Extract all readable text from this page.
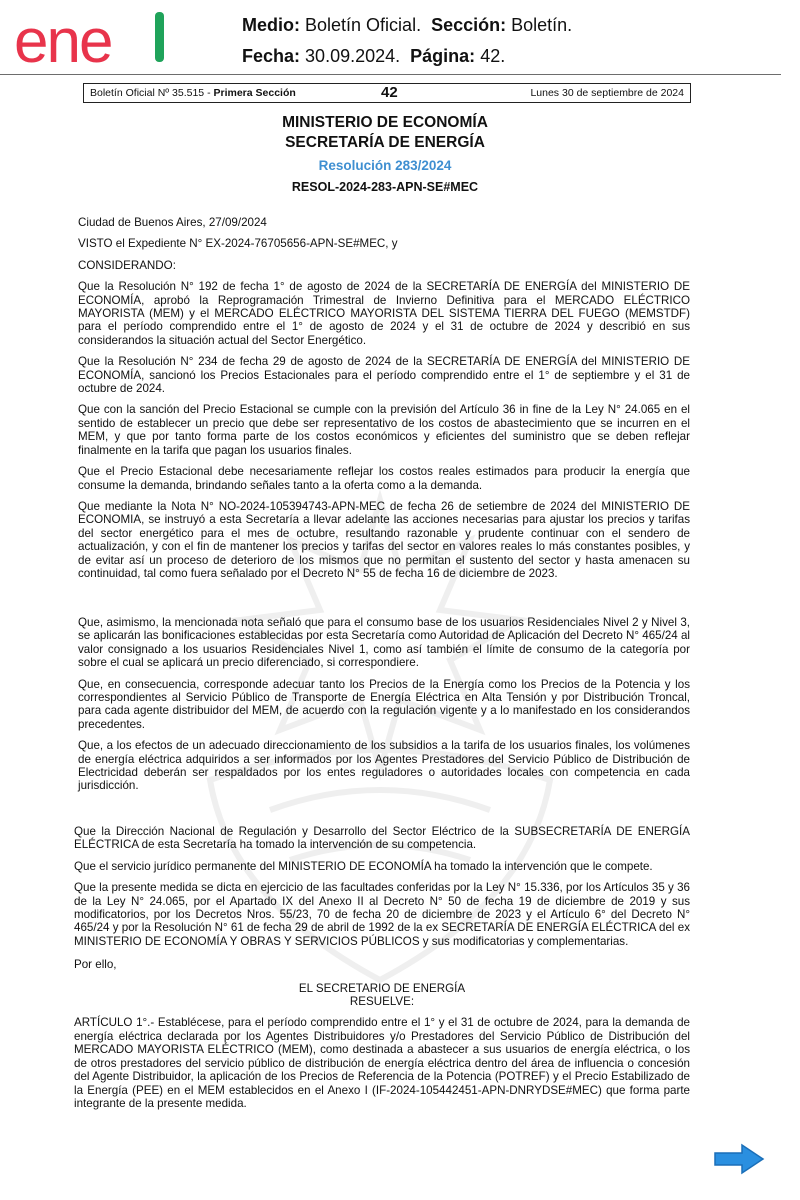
ene	Medio: Boletín Oficial. Sección: Boletín.
Fecha: 30.09.2024. Página: 42.
Boletín Oficial Nº 35.515 - Primera Sección	42	Lunes 30 de septiembre de 2024
MINISTERIO DE ECONOMÍA
SECRETARÍA DE ENERGÍA
Resolución 283/2024
RESOL-2024-283-APN-SE#MEC

Ciudad de Buenos Aires, 27/09/2024

VISTO el Expediente N° EX-2024-76705656-APN-SE#MEC, y

CONSIDERANDO:

Que la Resolución N° 192 de fecha 1° de agosto de 2024 de la SECRETARÍA DE ENERGÍA del MINISTERIO DE ECONOMÍA, aprobó la Reprogramación Trimestral de Invierno Definitiva para el MERCADO ELÉCTRICO MAYORISTA (MEM) y el MERCADO ELÉCTRICO MAYORISTA DEL SISTEMA TIERRA DEL FUEGO (MEMSTDF) para el período comprendido entre el 1° de agosto de 2024 y el 31 de octubre de 2024 y describió en sus considerandos la situación actual del Sector Energético.

Que la Resolución N° 234 de fecha 29 de agosto de 2024 de la SECRETARÍA DE ENERGÍA del MINISTERIO DE ECONOMÍA, sancionó los Precios Estacionales para el período comprendido entre el 1° de septiembre y el 31 de octubre de 2024.

Que con la sanción del Precio Estacional se cumple con la previsión del Artículo 36 in fine de la Ley N° 24.065 en el sentido de establecer un precio que debe ser representativo de los costos de abastecimiento que se incurren en el MEM, y que por tanto forma parte de los costos económicos y eficientes del suministro que se deben reflejar finalmente en la tarifa que pagan los usuarios finales.

Que el Precio Estacional debe necesariamente reflejar los costos reales estimados para producir la energía que consume la demanda, brindando señales tanto a la oferta como a la demanda.

Que mediante la Nota N° NO-2024-105394743-APN-MEC de fecha 26 de setiembre de 2024 del MINISTERIO DE ECONOMIA, se instruyó a esta Secretaría a llevar adelante las acciones necesarias para ajustar los precios y tarifas del sector energético para el mes de octubre, resultando razonable y prudente continuar con el sendero de actualización, y con el fin de mantener los precios y tarifas del sector en valores reales lo más constantes posibles, y de evitar así un proceso de deterioro de los mismos que no permitan el sustento del sector y hasta amenacen su continuidad, tal como fuera señalado por el Decreto N° 55 de fecha 16 de diciembre de 2023.

Que, asimismo, la mencionada nota señaló que para el consumo base de los usuarios Residenciales Nivel 2 y Nivel 3, se aplicarán las bonificaciones establecidas por esta Secretaría como Autoridad de Aplicación del Decreto N° 465/24 al valor consignado a los usuarios Residenciales Nivel 1, como así también el límite de consumo de la categoría por sobre el cual se aplicará un precio diferenciado, si correspondiere.

Que, en consecuencia, corresponde adecuar tanto los Precios de la Energía como los Precios de la Potencia y los correspondientes al Servicio Público de Transporte de Energía Eléctrica en Alta Tensión y por Distribución Troncal, para cada agente distribuidor del MEM, de acuerdo con la regulación vigente y a lo manifestado en los considerandos precedentes.

Que, a los efectos de un adecuado direccionamiento de los subsidios a la tarifa de los usuarios finales, los volúmenes de energía eléctrica adquiridos a ser informados por los Agentes Prestadores del Servicio Público de Distribución de Electricidad deberán ser respaldados por los entes reguladores o autoridades locales con competencia en cada jurisdicción.

Que la Dirección Nacional de Regulación y Desarrollo del Sector Eléctrico de la SUBSECRETARÍA DE ENERGÍA ELÉCTRICA de esta Secretaría ha tomado la intervención de su competencia.

Que el servicio jurídico permanente del MINISTERIO DE ECONOMÍA ha tomado la intervención que le compete.

Que la presente medida se dicta en ejercicio de las facultades conferidas por la Ley N° 15.336, por los Artículos 35 y 36 de la Ley N° 24.065, por el Apartado IX del Anexo II al Decreto N° 50 de fecha 19 de diciembre de 2019 y sus modificatorios, por los Decretos Nros. 55/23, 70 de fecha 20 de diciembre de 2023 y el Artículo 6° del Decreto N° 465/24 y por la Resolución N° 61 de fecha 29 de abril de 1992 de la ex SECRETARÍA DE ENERGÍA ELÉCTRICA del ex MINISTERIO DE ECONOMÍA Y OBRAS Y SERVICIOS PÚBLICOS y sus modificatorias y complementarias.

Por ello,

EL SECRETARIO DE ENERGÍA

RESUELVE:

ARTÍCULO 1°.- Establécese, para el período comprendido entre el 1° y el 31 de octubre de 2024, para la demanda de energía eléctrica declarada por los Agentes Distribuidores y/o Prestadores del Servicio Público de Distribución del MERCADO MAYORISTA ELÉCTRICO (MEM), como destinada a abastecer a sus usuarios de energía eléctrica, o los de otros prestadores del servicio público de distribución de energía eléctrica dentro del área de influencia o concesión del Agente Distribuidor, la aplicación de los Precios de Referencia de la Potencia (POTREF) y el Precio Estabilizado de la Energía (PEE) en el MEM establecidos en el Anexo I (IF-2024-105442451-APN-DNRYDSE#MEC) que forma parte integrante de la presente medida.
